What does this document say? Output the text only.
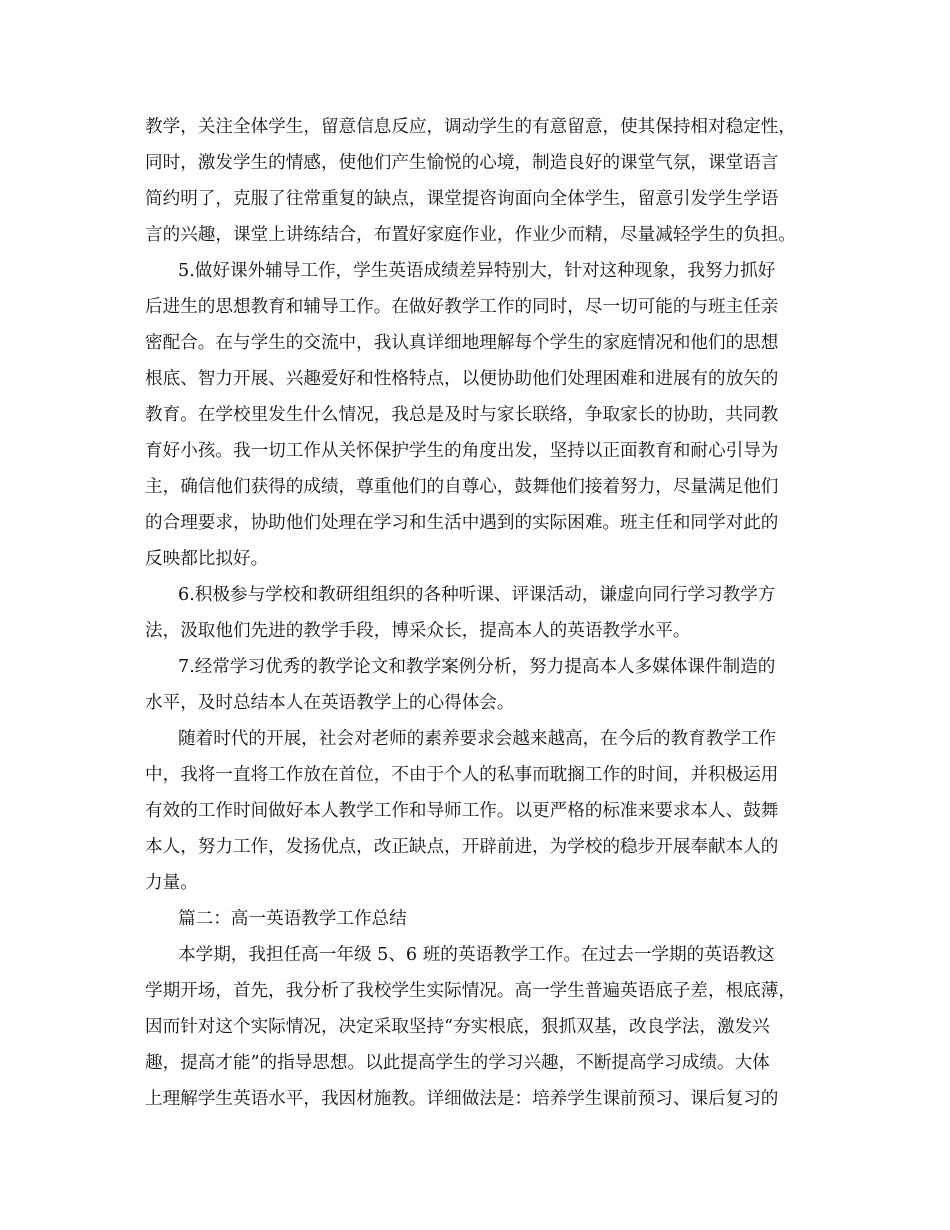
教学，关注全体学生，留意信息反应，调动学生的有意留意，使其保持相对稳定性，
同时，激发学生的情感，使他们产生愉悦的心境，制造良好的课堂气氛，课堂语言
简约明了，克服了往常重复的缺点，课堂提咨询面向全体学生，留意引发学生学语
言的兴趣，课堂上讲练结合，布置好家庭作业，作业少而精，尽量减轻学生的负担。
5.做好课外辅导工作，学生英语成绩差异特别大，针对这种现象，我努力抓好
后进生的思想教育和辅导工作。在做好教学工作的同时，尽一切可能的与班主任亲
密配合。在与学生的交流中，我认真详细地理解每个学生的家庭情况和他们的思想
根底、智力开展、兴趣爱好和性格特点，以便协助他们处理困难和进展有的放矢的
教育。在学校里发生什么情况，我总是及时与家长联络，争取家长的协助，共同教
育好小孩。我一切工作从关怀保护学生的角度出发，坚持以正面教育和耐心引导为
主，确信他们获得的成绩，尊重他们的自尊心，鼓舞他们接着努力，尽量满足他们
的合理要求，协助他们处理在学习和生活中遇到的实际困难。班主任和同学对此的
反映都比拟好。
6.积极参与学校和教研组组织的各种听课、评课活动，谦虚向同行学习教学方
法，汲取他们先进的教学手段，博采众长，提高本人的英语教学水平。
7.经常学习优秀的教学论文和教学案例分析，努力提高本人多媒体课件制造的
水平，及时总结本人在英语教学上的心得体会。
随着时代的开展，社会对老师的素养要求会越来越高，在今后的教育教学工作
中，我将一直将工作放在首位，不由于个人的私事而耽搁工作的时间，并积极运用
有效的工作时间做好本人教学工作和导师工作。以更严格的标准来要求本人、鼓舞
本人，努力工作，发扬优点，改正缺点，开辟前进，为学校的稳步开展奉献本人的
力量。
篇二：高一英语教学工作总结
本学期，我担任高一年级 5、6 班的英语教学工作。在过去一学期的英语教这
学期开场，首先，我分析了我校学生实际情况。高一学生普遍英语底子差，根底薄，
因而针对这个实际情况，决定采取坚持“夯实根底，狠抓双基，改良学法，激发兴
趣，提高才能”的指导思想。以此提高学生的学习兴趣，不断提高学习成绩。大体
上理解学生英语水平，我因材施教。详细做法是：培养学生课前预习、课后复习的
